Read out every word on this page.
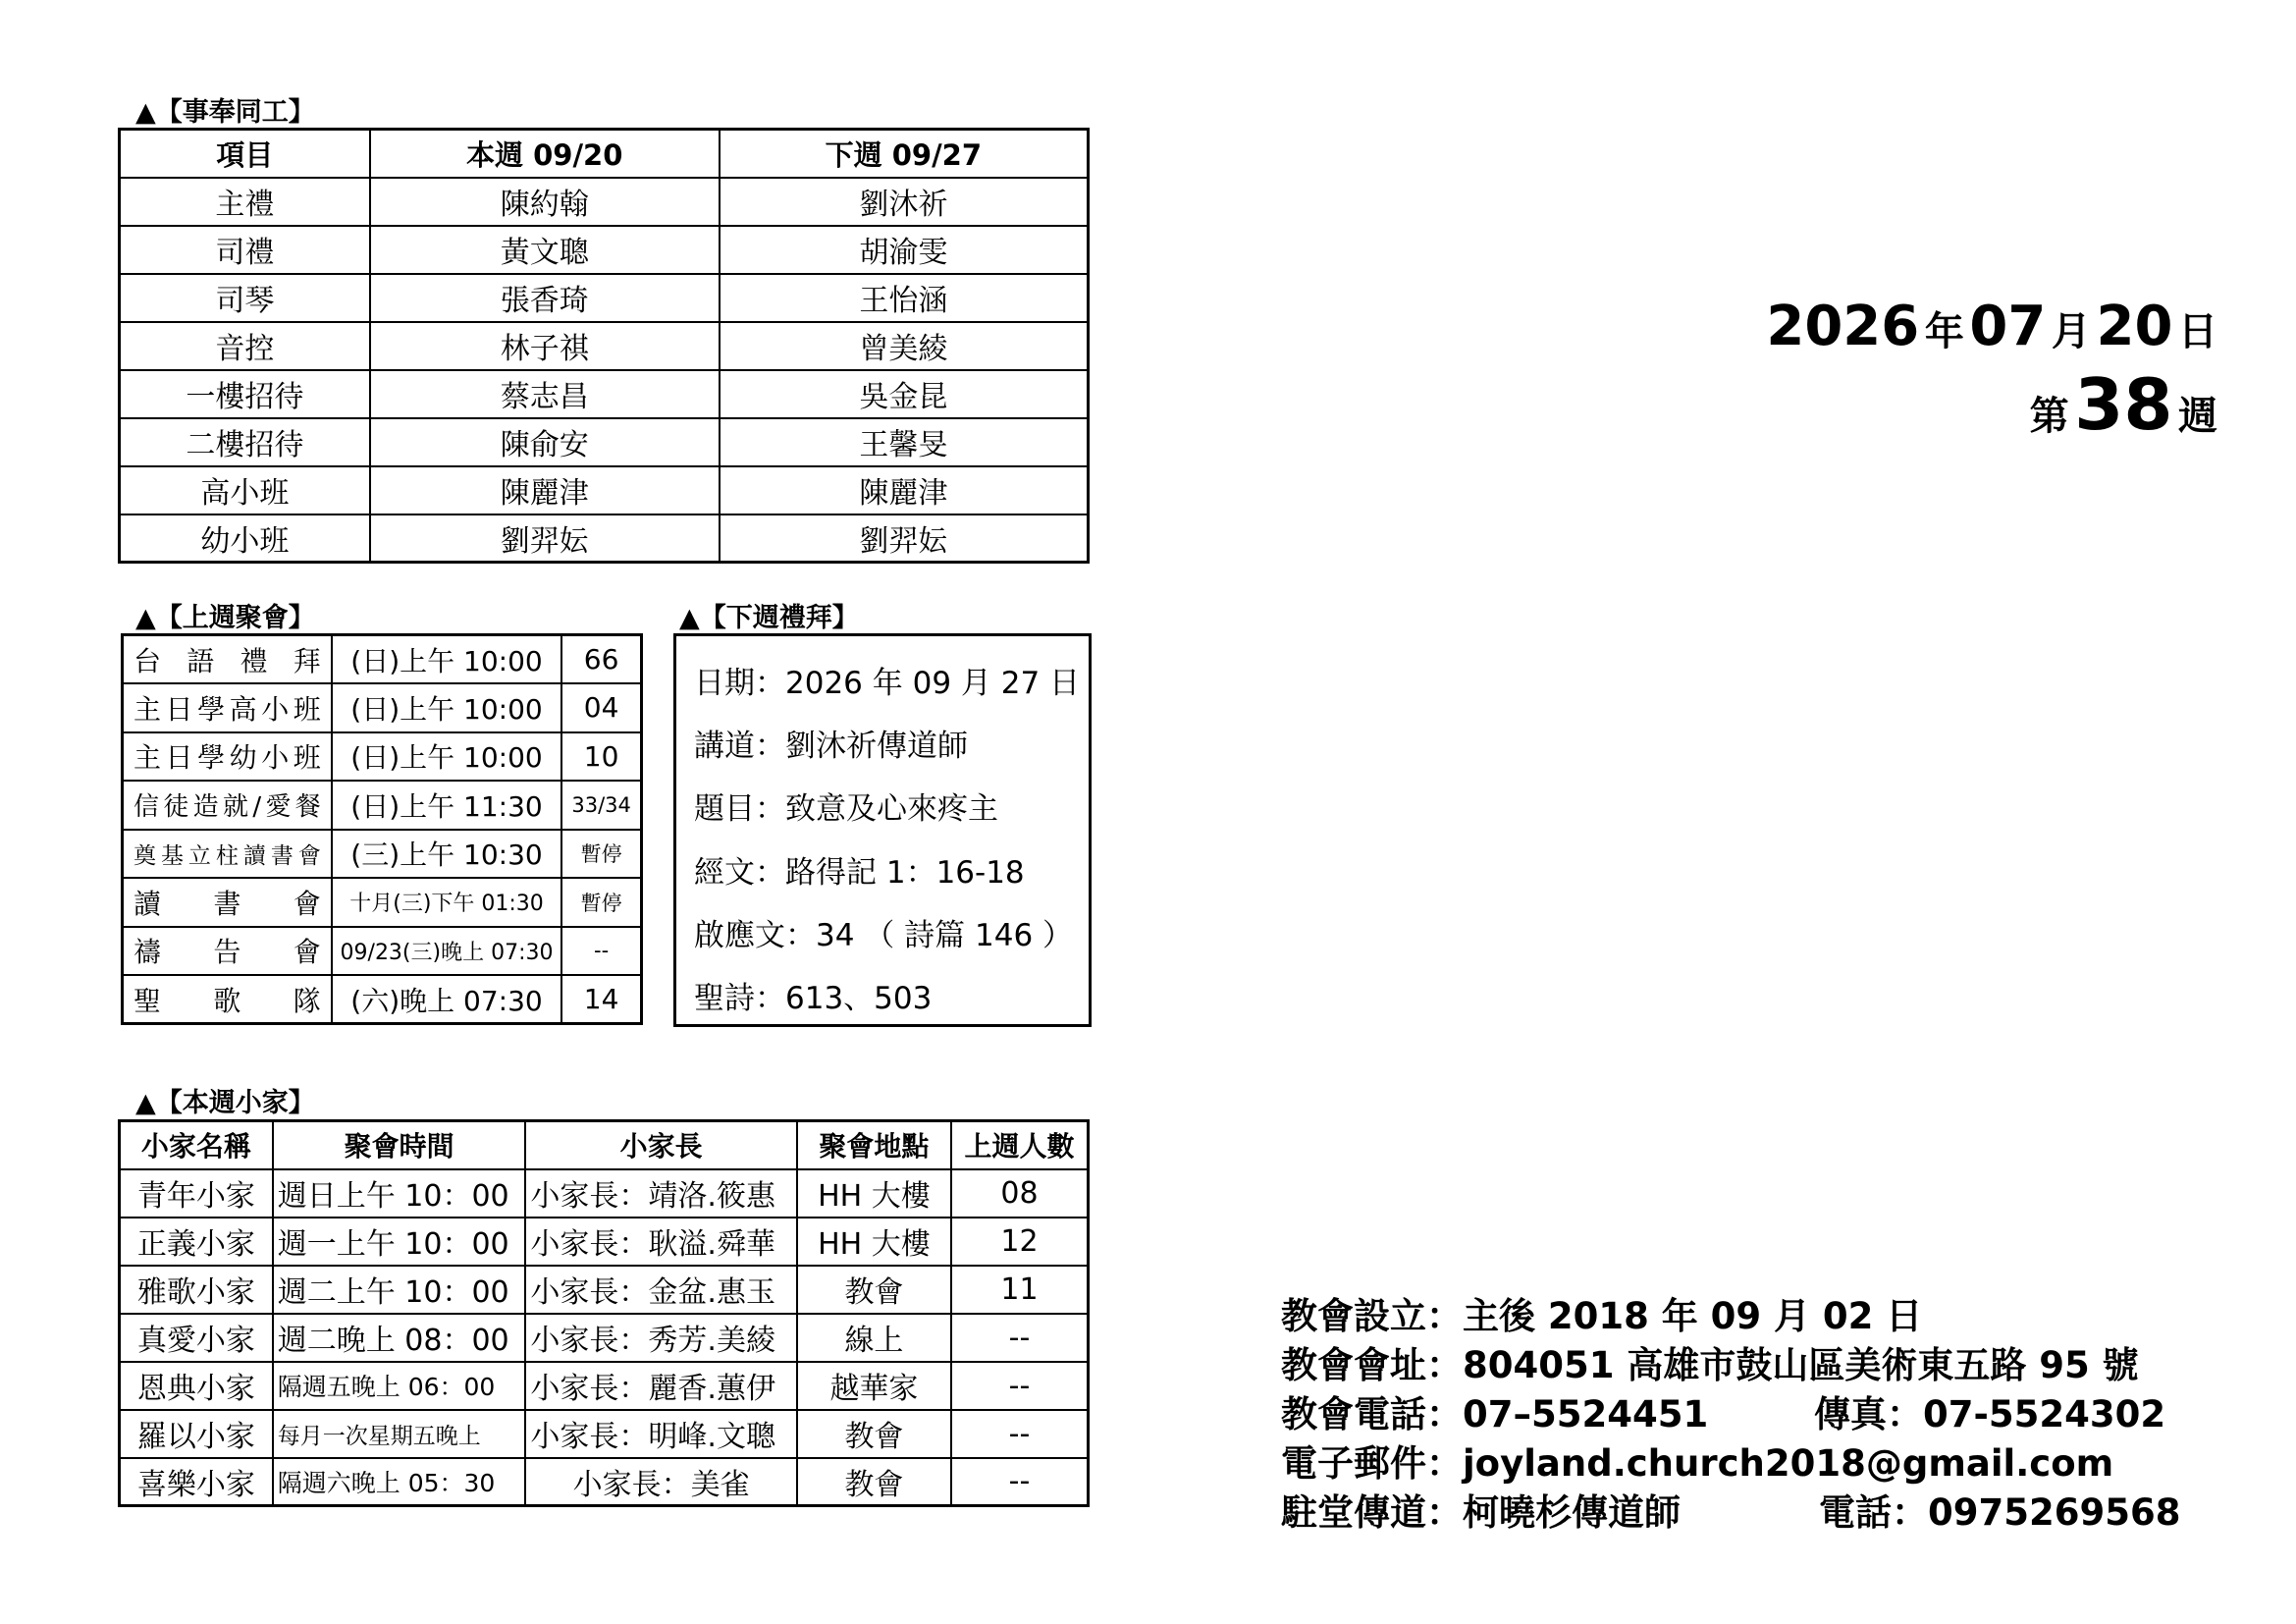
▲【事奉同工】
項目	本週 09/20	下週 09/27
主禮	陳約翰	劉沐祈
司禮	黃文聰	胡渝雯
司琴	張香琦	王怡涵
音控	林子祺	曾美綾
一樓招待	蔡志昌	吳金昆
二樓招待	陳俞安	王馨旻
高小班	陳麗津	陳麗津
幼小班	劉羿妘	劉羿妘
▲【上週聚會】
台語禮拜	(日)上午 10:00	66
主日學高小班	(日)上午 10:00	04
主日學幼小班	(日)上午 10:00	10
信徒造就/愛餐	(日)上午 11:30	33/34
奠基立柱讀書會	(三)上午 10:30	暫停
讀書會	十月(三)下午 01:30	暫停
禱告會	09/23(三)晚上 07:30	--
聖歌隊	(六)晚上 07:30	14
▲【下週禮拜】
日期：2026 年 09 月 27 日
講道：劉沐祈傳道師
題目：致意及心來疼主
經文：路得記 1：16-18
啟應文：34 （ 詩篇 146 ）
聖詩：613、503
▲【本週小家】
小家名稱	聚會時間	小家長	聚會地點	上週人數
青年小家	週日上午 10：00	小家長：靖洛.筱惠	HH 大樓	08
正義小家	週一上午 10：00	小家長：耿溢.舜華	HH 大樓	12
雅歌小家	週二上午 10：00	小家長：金盆.惠玉	教會	11
真愛小家	週二晚上 08：00	小家長：秀芳.美綾	線上	--
恩典小家	隔週五晚上 06：00	小家長：麗香.蕙伊	越華家	--
羅以小家	每月一次星期五晚上	小家長：明峰.文聰	教會	--
喜樂小家	隔週六晚上 05：30	小家長：美雀	教會	--
2026 年 07 月 20 日
第 38 週
教會設立：主後 2018 年 09 月 02 日
教會會址：804051 高雄市鼓山區美術東五路 95 號
教會電話：07–5524451	傳真：07-5524302
電子郵件：joyland.church2018@gmail.com
駐堂傳道：柯曉杉傳道師	電話：0975269568
